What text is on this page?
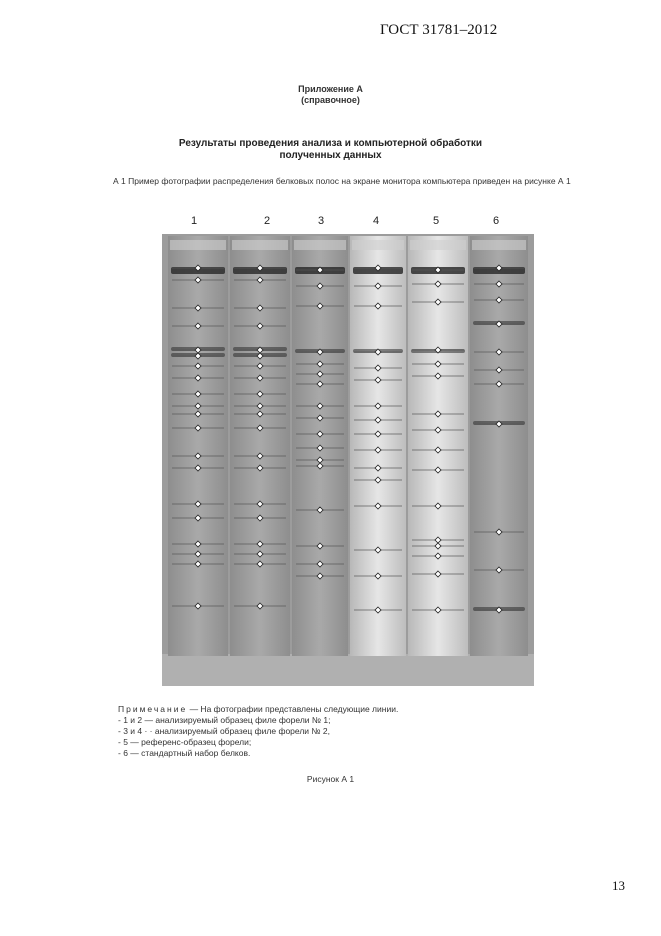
ГОСТ 31781–2012
Приложение А
(справочное)
Результаты проведения анализа и компьютерной обработки
полученных данных
А 1 Пример фотографии распределения белковых полос на экране монитора компьютера приведен на рисунке А 1
1	2	3	4	5	6
Примечание — На фотографии представлены следующие линии.
- 1 и 2 — анализируемый образец филе форели № 1;
- 3 и 4 · · анализируемый образец филе форели № 2,
- 5 — референс-образец форели;
- 6 — стандартный набор белков.
Рисунок А 1
13
